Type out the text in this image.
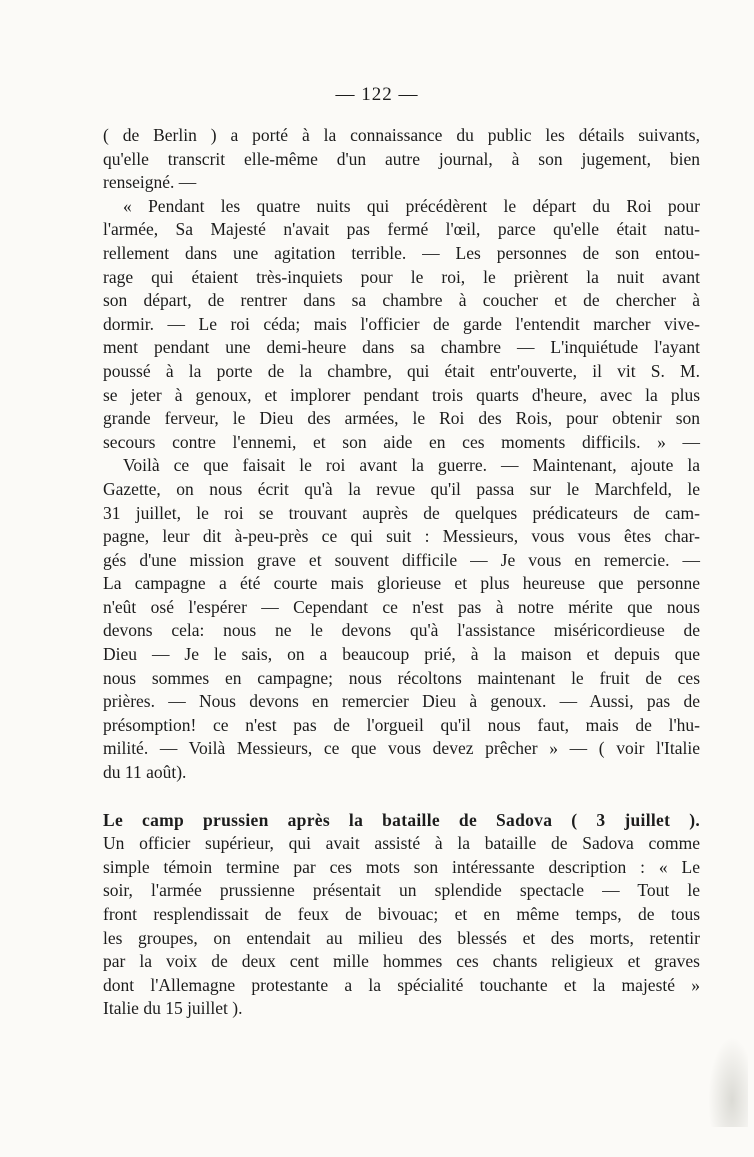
— 122 —
( de Berlin ) a porté à la connaissance du public les détails suivants,
qu'elle transcrit elle-même d'un autre journal, à son jugement, bien
renseigné. —
« Pendant les quatre nuits qui précédèrent le départ du Roi pour
l'armée, Sa Majesté n'avait pas fermé l'œil, parce qu'elle était natu-
rellement dans une agitation terrible. — Les personnes de son entou-
rage qui étaient très-inquiets pour le roi, le prièrent la nuit avant
son départ, de rentrer dans sa chambre à coucher et de chercher à
dormir. — Le roi céda; mais l'officier de garde l'entendit marcher vive-
ment pendant une demi-heure dans sa chambre — L'inquiétude l'ayant
poussé à la porte de la chambre, qui était entr'ouverte, il vit S. M.
se jeter à genoux, et implorer pendant trois quarts d'heure, avec la plus
grande ferveur, le Dieu des armées, le Roi des Rois, pour obtenir son
secours contre l'ennemi, et son aide en ces moments difficils. » —
Voilà ce que faisait le roi avant la guerre. — Maintenant, ajoute la
Gazette, on nous écrit qu'à la revue qu'il passa sur le Marchfeld, le
31 juillet, le roi se trouvant auprès de quelques prédicateurs de cam-
pagne, leur dit à-peu-près ce qui suit : Messieurs, vous vous êtes char-
gés d'une mission grave et souvent difficile — Je vous en remercie. —
La campagne a été courte mais glorieuse et plus heureuse que personne
n'eût osé l'espérer — Cependant ce n'est pas à notre mérite que nous
devons cela: nous ne le devons qu'à l'assistance miséricordieuse de
Dieu — Je le sais, on a beaucoup prié, à la maison et depuis que
nous sommes en campagne; nous récoltons maintenant le fruit de ces
prières. — Nous devons en remercier Dieu à genoux. — Aussi, pas de
présomption! ce n'est pas de l'orgueil qu'il nous faut, mais de l'hu-
milité. — Voilà Messieurs, ce que vous devez prêcher » — ( voir l'Italie
du 11 août).
Le camp prussien après la bataille de Sadova ( 3 juillet ).
Un officier supérieur, qui avait assisté à la bataille de Sadova comme
simple témoin termine par ces mots son intéressante description : « Le
soir, l'armée prussienne présentait un splendide spectacle — Tout le
front resplendissait de feux de bivouac; et en même temps, de tous
les groupes, on entendait au milieu des blessés et des morts, retentir
par la voix de deux cent mille hommes ces chants religieux et graves
dont l'Allemagne protestante a la spécialité touchante et la majesté »
Italie du 15 juillet ).
